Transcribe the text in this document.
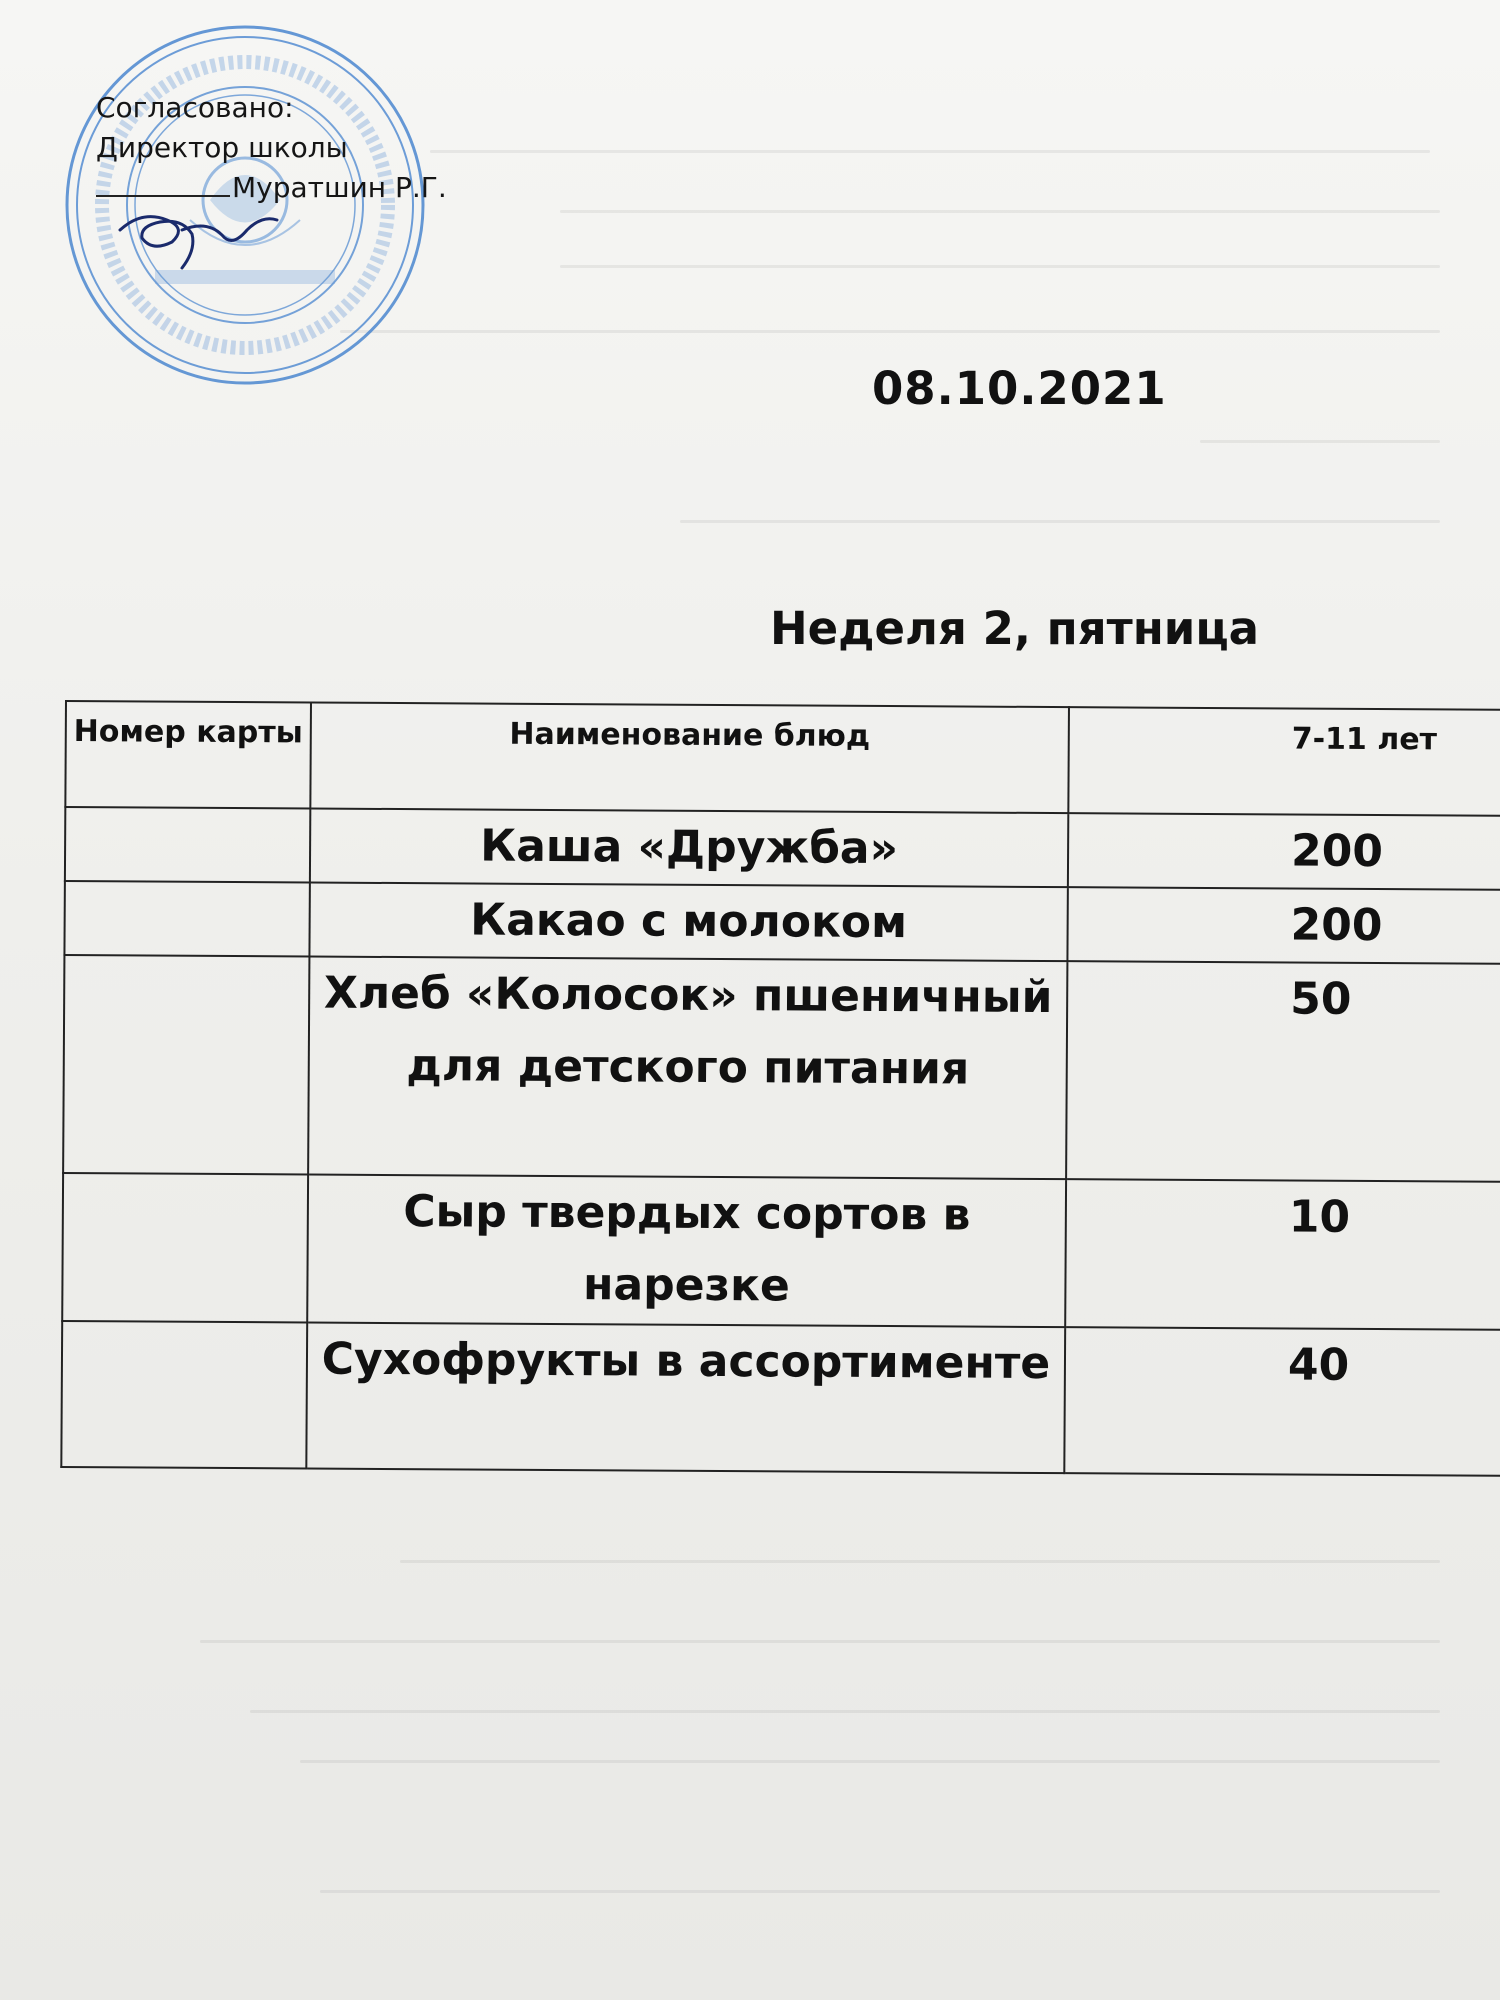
Согласовано:
Директор школы
Муратшин Р.Г.
08.10.2021
Неделя 2, пятница
Номер карты	Наименование блюд	7-11 лет
	Каша «Дружба»	200
	Какао с молоком	200
	Хлеб «Колосок» пшеничный для детского питания	50
	Сыр твердых сортов в нарезке	10
	Сухофрукты в ассортименте	40
